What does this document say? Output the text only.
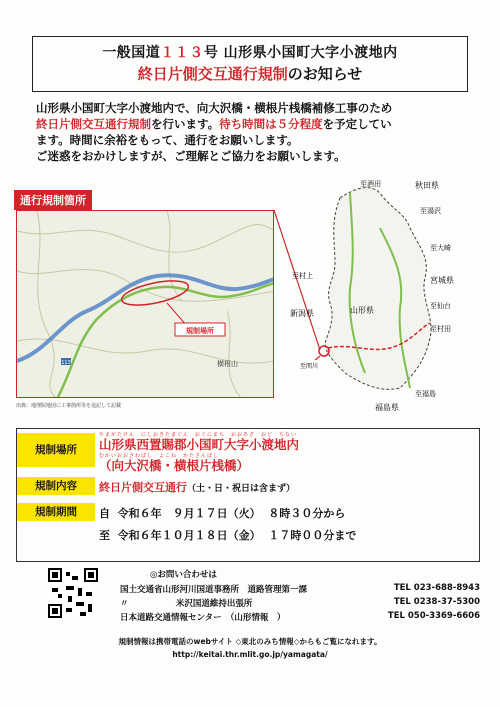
一般国道１１３号 山形県小国町大字小渡地内
終日片側交互通行規制のお知らせ
山形県小国町大字小渡地内で、向大沢橋・横根片桟橋補修工事のため
終日片側交互通行規制を行います。待ち時間は５分程度を予定してい
ます。時間に余裕をもって、通行をお願いします。
ご迷惑をおかけしますが、ご理解とご協力をお願いします。
通行規制箇所
規制場所
横根山
113
出典：地理院地図に工事箇所等を追記して記載
至酒田	秋田県
至湯沢
至大崎
宮城県
至仙台
至村田
至村上
新潟県	山形県
至福島
福島県
至関川
規制場所
やまがたけん　にしおきたまぐん　おぐにまち　おおあざ　おど　ちない
山形県西置賜郡小国町大字小渡地内
むかいおおさわばし　よこね　かたさんばし
（向大沢橋・横根片桟橋）
規制内容	終日片側交互通行（土・日・祝日は含まず）
規制期間	自 令和６年　９月１７日（火） ８時３０分から
至 令和６年１０月１８日（金） １７時００分まで
◎お問い合わせは
国土交通省山形河川国道事務所　道路管理第一課	TEL 023-688-8943
〃	米沢国道維持出張所	TEL 0238-37-5300
日本道路交通情報センター　（山形情報　）	TEL 050-3369-6606
規制情報は携帯電話のwebサイト ◇東北のみち情報◇からもご覧になれます。
http://keitai.thr.mlit.go.jp/yamagata/
